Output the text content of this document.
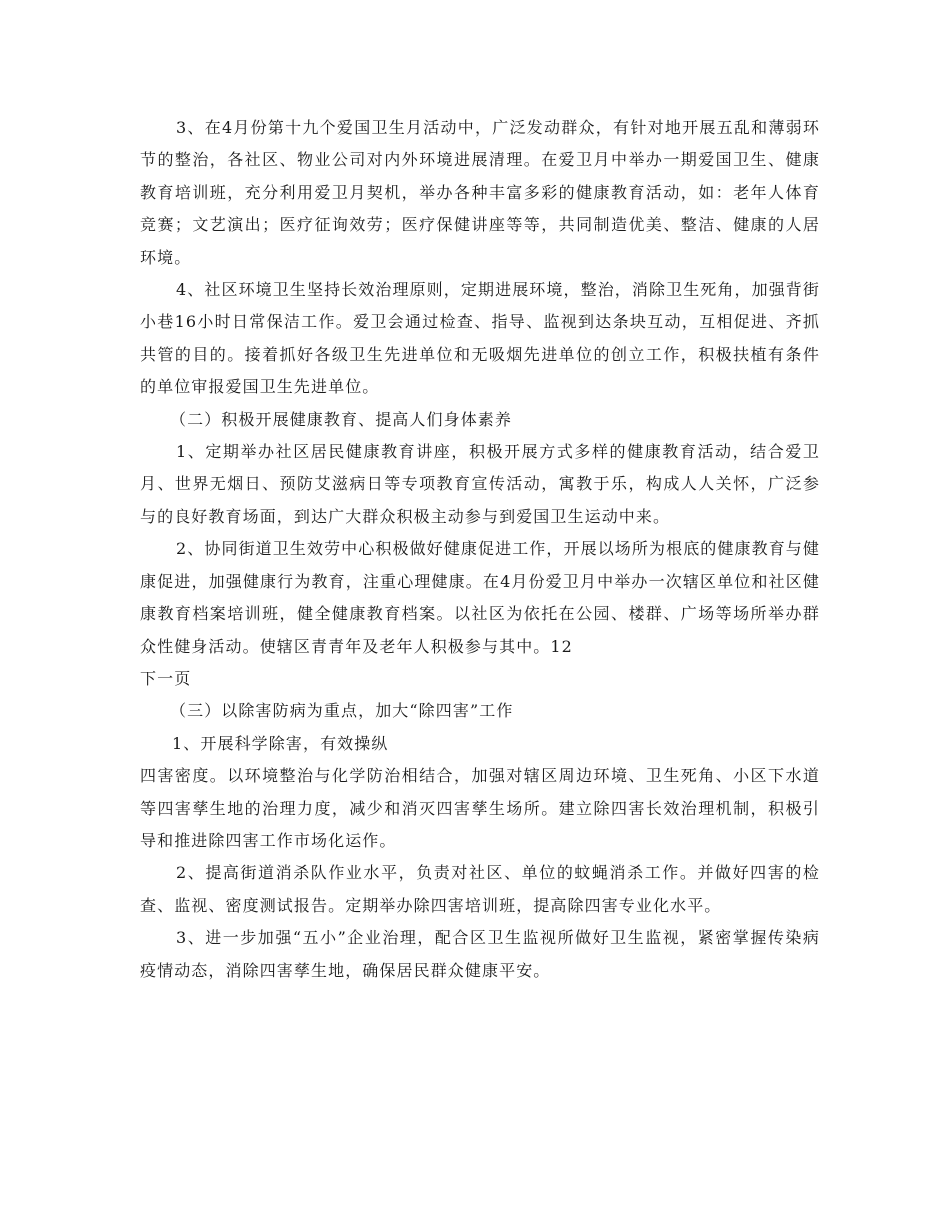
3、在4月份第十九个爱国卫生月活动中，广泛发动群众，有针对地开展五乱和薄弱环节的整治，各社区、物业公司对内外环境进展清理。在爱卫月中举办一期爱国卫生、健康教育培训班，充分利用爱卫月契机，举办各种丰富多彩的健康教育活动，如：老年人体育竞赛；文艺演出；医疗征询效劳；医疗保健讲座等等，共同制造优美、整洁、健康的人居环境。

4、社区环境卫生坚持长效治理原则，定期进展环境，整治，消除卫生死角，加强背街小巷16小时日常保洁工作。爱卫会通过检查、指导、监视到达条块互动，互相促进、齐抓共管的目的。接着抓好各级卫生先进单位和无吸烟先进单位的创立工作，积极扶植有条件的单位审报爱国卫生先进单位。

（二）积极开展健康教育、提高人们身体素养

1、定期举办社区居民健康教育讲座，积极开展方式多样的健康教育活动，结合爱卫月、世界无烟日、预防艾滋病日等专项教育宣传活动，寓教于乐，构成人人关怀，广泛参与的良好教育场面，到达广大群众积极主动参与到爱国卫生运动中来。

2、协同街道卫生效劳中心积极做好健康促进工作，开展以场所为根底的健康教育与健康促进，加强健康行为教育，注重心理健康。在4月份爱卫月中举办一次辖区单位和社区健康教育档案培训班，健全健康教育档案。以社区为依托在公园、楼群、广场等场所举办群众性健身活动。使辖区青青年及老年人积极参与其中。12

下一页

（三）以除害防病为重点，加大“除四害”工作

1、开展科学除害，有效操纵

四害密度。以环境整治与化学防治相结合，加强对辖区周边环境、卫生死角、小区下水道等四害孳生地的治理力度，减少和消灭四害孳生场所。建立除四害长效治理机制，积极引导和推进除四害工作市场化运作。

2、提高街道消杀队作业水平，负责对社区、单位的蚊蝇消杀工作。并做好四害的检查、监视、密度测试报告。定期举办除四害培训班，提高除四害专业化水平。

3、进一步加强“五小”企业治理，配合区卫生监视所做好卫生监视，紧密掌握传染病疫情动态，消除四害孳生地，确保居民群众健康平安。
